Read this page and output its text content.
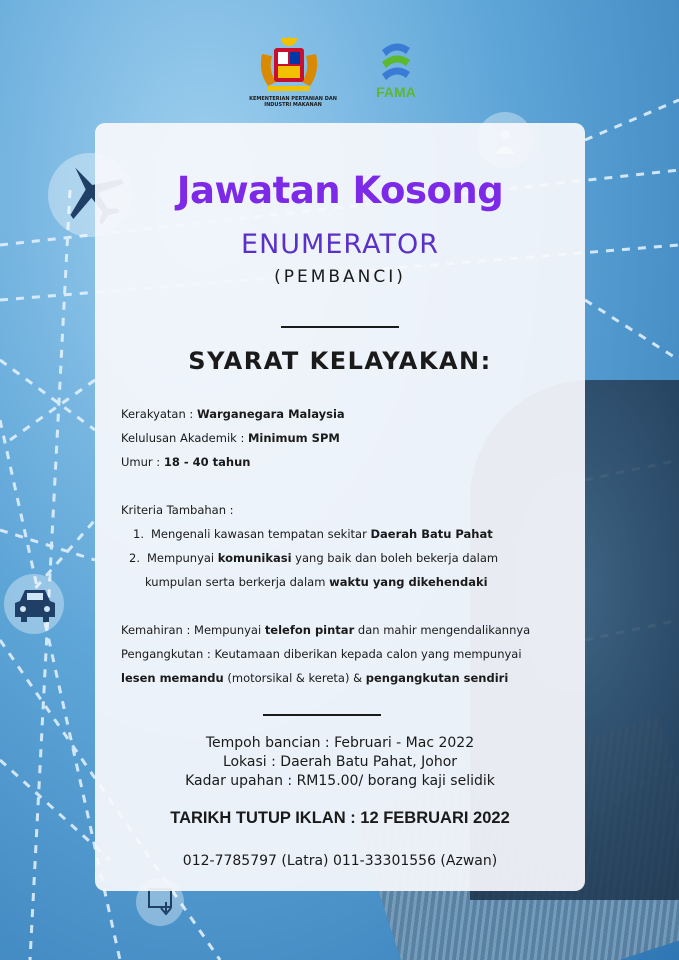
KEMENTERIAN PERTANIAN DAN INDUSTRI MAKANAN
FAMA
Jawatan Kosong
ENUMERATOR
(PEMBANCI)
SYARAT KELAYAKAN:
Kerakyatan : Warganegara Malaysia
Kelulusan Akademik : Minimum SPM
Umur : 18 - 40 tahun
Kriteria Tambahan :
1. Mengenali kawasan tempatan sekitar Daerah Batu Pahat
2. Mempunyai komunikasi yang baik dan boleh bekerja dalam
kumpulan serta berkerja dalam waktu yang dikehendaki
Kemahiran : Mempunyai telefon pintar dan mahir mengendalikannya
Pengangkutan : Keutamaan diberikan kepada calon yang mempunyai
lesen memandu (motorsikal & kereta) & pengangkutan sendiri
Tempoh bancian : Februari - Mac 2022
Lokasi : Daerah Batu Pahat, Johor
Kadar upahan : RM15.00/ borang kaji selidik
TARIKH TUTUP IKLAN : 12 FEBRUARI 2022
012-7785797 (Latra) 011-33301556 (Azwan)
